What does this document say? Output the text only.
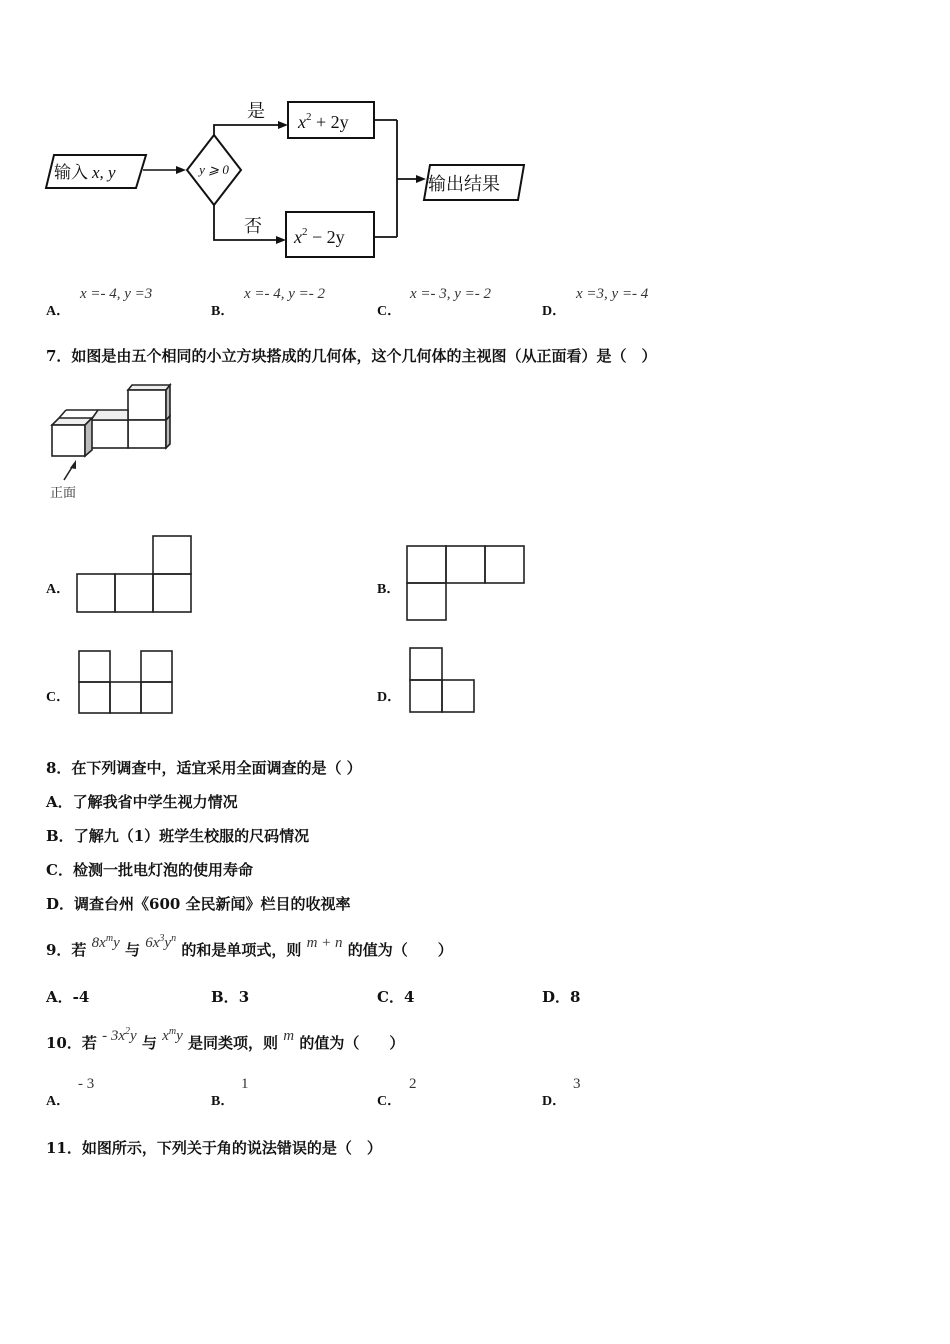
输入 x, y	y ⩾ 0
是 $x^2 + 2y$
否 $x^2 - 2y$
输出结果
A．
x =- 4, y =3
B．
x =- 4, y =- 2
C．
x =- 3, y =- 2
D．
x =3, y =- 4
7．如图是由五个相同的小立方块搭成的几何体，这个几何体的主视图（从正面看）是（　）
正面
A．	B．
C．	D．
8．在下列调查中，适宜采用全面调查的是（ ）
A．了解我省中学生视力情况
B．了解九（1）班学生校服的尺码情况
C．检测一批电灯泡的使用寿命
D．调查台州《600 全民新闻》栏目的收视率
9．若 $8x^my$ 与 $6x^3y^n$ 的和是单项式，则 m + n 的值为（　　）
A．-4	B．3	C．4	D．8
10．若 - $3x^2y$ 与 $x^my$ 是同类项，则 m 的值为（　　）
A．
- 3
B．
1
C．
2
D．
3
11．如图所示，下列关于角的说法错误的是（　）
